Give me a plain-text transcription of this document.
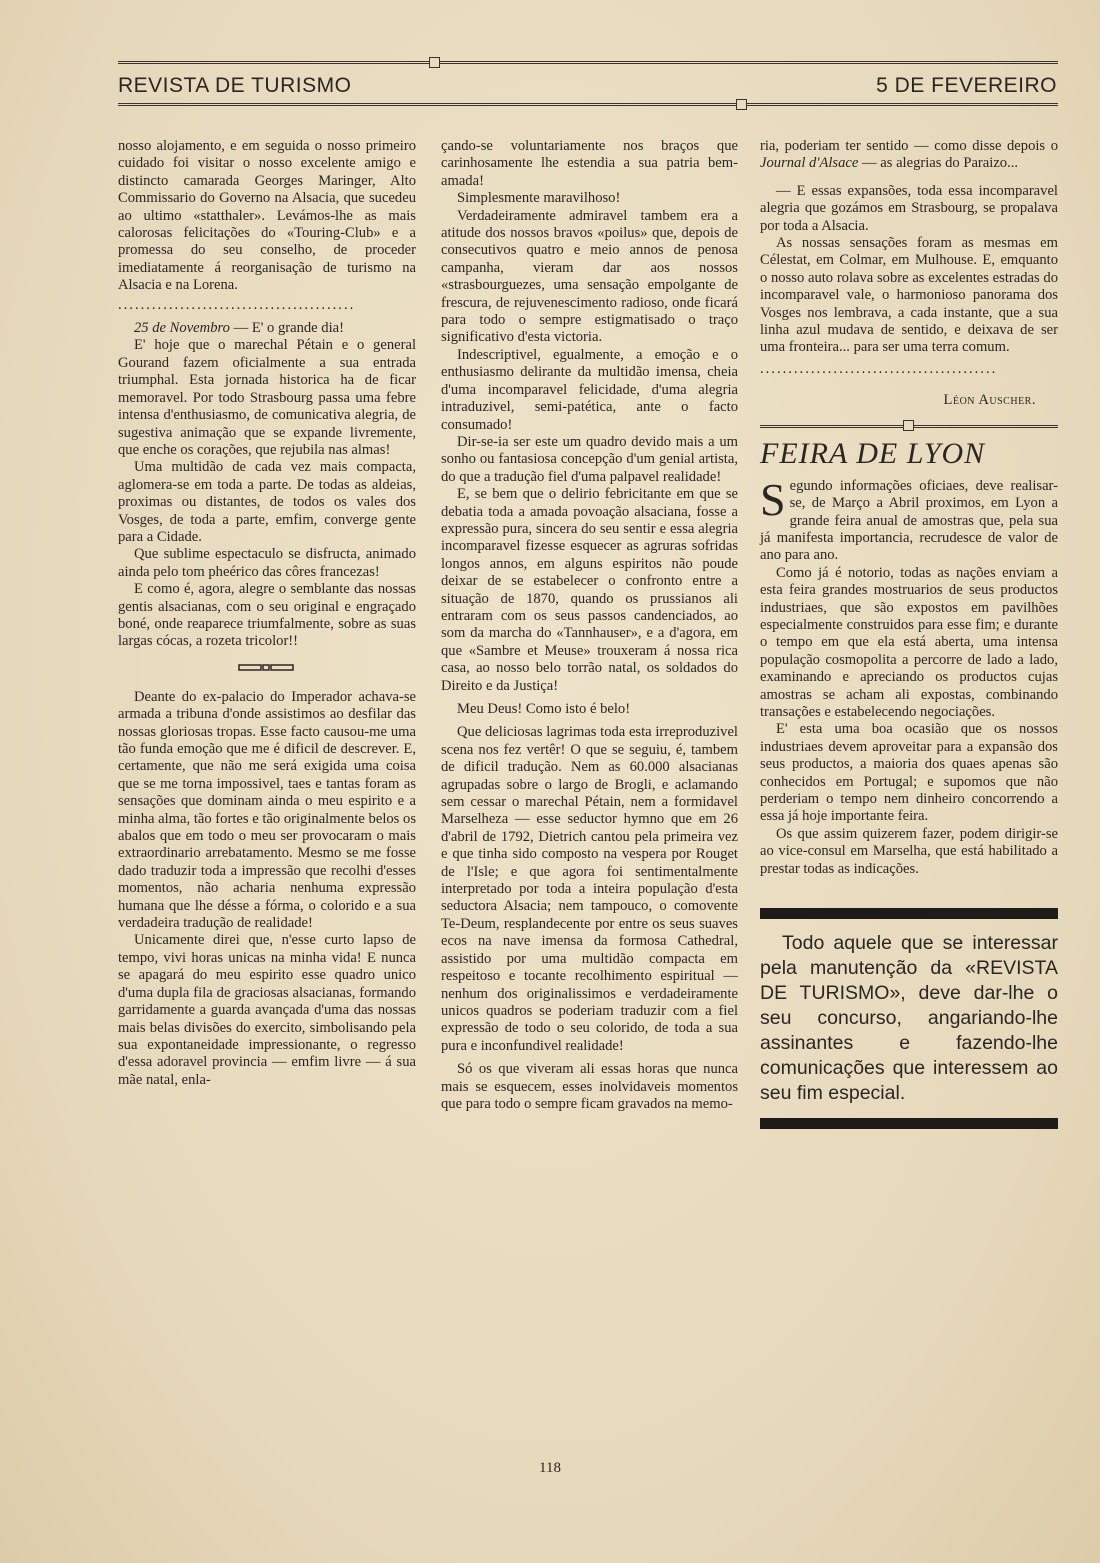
REVISTA DE TURISMO	5 DE FEVEREIRO

nosso alojamento, e em seguida o nosso primeiro cuidado foi visitar o nosso excelente amigo e distincto camarada Georges Maringer, Alto Commissario do Governo na Alsacia, que sucedeu ao ultimo «statthaler». Levámos-lhe as mais calorosas felicitações do «Touring-Club» e a promessa do seu conselho, de proceder imediatamente á reorganisação de turismo na Alsacia e na Lorena.

..........................................

25 de Novembro — E' o grande dia!

E' hoje que o marechal Pétain e o general Gourand fazem oficialmente a sua entrada triumphal. Esta jornada historica ha de ficar memoravel. Por todo Strasbourg passa uma febre intensa d'enthusiasmo, de comunicativa alegria, de sugestiva animação que se expande livremente, que enche os corações, que rejubila nas almas!

Uma multidão de cada vez mais compacta, aglomera-se em toda a parte. De todas as aldeias, proximas ou distantes, de todos os vales dos Vosges, de toda a parte, emfim, converge gente para a Cidade.

Que sublime espectaculo se disfructa, animado ainda pelo tom pheérico das côres francezas!

E como é, agora, alegre o semblante das nossas gentis alsacianas, com o seu original e engraçado boné, onde reaparece triumfalmente, sobre as suas largas cócas, a rozeta tricolor!!

Deante do ex-palacio do Imperador achava-se armada a tribuna d'onde assistimos ao desfilar das nossas gloriosas tropas. Esse facto causou-me uma tão funda emoção que me é dificil de descrever. E, certamente, que não me será exigida uma coisa que se me torna impossivel, taes e tantas foram as sensações que dominam ainda o meu espirito e a minha alma, tão fortes e tão originalmente belos os abalos que em todo o meu ser provocaram o mais extraordinario arrebatamento. Mesmo se me fosse dado traduzir toda a impressão que recolhi d'esses momentos, não acharia nenhuma expressão humana que lhe désse a fórma, o colorido e a sua verdadeira tradução de realidade!

Unicamente direi que, n'esse curto lapso de tempo, vivi horas unicas na minha vida! E nunca se apagará do meu espirito esse quadro unico d'uma dupla fila de graciosas alsacianas, formando garridamente a guarda avançada d'uma das nossas mais belas divisões do exercito, simbolisando pela sua expontaneidade impressionante, o regresso d'essa adoravel provincia — emfim livre — á sua mãe natal, enla-

çando-se voluntariamente nos braços que carinhosamente lhe estendia a sua patria bem-amada!

Simplesmente maravilhoso!

Verdadeiramente admiravel tambem era a atitude dos nossos bravos «poilus» que, depois de consecutivos quatro e meio annos de penosa campanha, vieram dar aos nossos «strasbourguezes, uma sensação empolgante de frescura, de rejuvenescimento radioso, onde ficará para todo o sempre estigmatisado o traço significativo d'esta victoria.

Indescriptivel, egualmente, a emoção e o enthusiasmo delirante da multidão imensa, cheia d'uma incomparavel felicidade, d'uma alegria intraduzivel, semi-patética, ante o facto consumado!

Dir-se-ia ser este um quadro devido mais a um sonho ou fantasiosa concepção d'um genial artista, do que a tradução fiel d'uma palpavel realidade!

E, se bem que o delirio febricitante em que se debatia toda a amada povoação alsaciana, fosse a expressão pura, sincera do seu sentir e essa alegria incomparavel fizesse esquecer as agruras sofridas longos annos, em alguns espiritos não poude deixar de se estabelecer o confronto entre a situação de 1870, quando os prussianos ali entraram com os seus passos candenciados, ao som da marcha do «Tannhauser», e a d'agora, em que «Sambre et Meuse» trouxeram á nossa rica casa, ao nosso belo torrão natal, os soldados do Direito e da Justiça!

Meu Deus! Como isto é belo!

Que deliciosas lagrimas toda esta irreproduzivel scena nos fez vertêr! O que se seguiu, é, tambem de dificil tradução. Nem as 60.000 alsacianas agrupadas sobre o largo de Brogli, e aclamando sem cessar o marechal Pétain, nem a formidavel Marselheza — esse seductor hymno que em 26 d'abril de 1792, Dietrich cantou pela primeira vez e que tinha sido composto na vespera por Rouget de l'Isle; e que agora foi sentimentalmente interpretado por toda a inteira população d'esta seductora Alsacia; nem tampouco, o comovente Te-Deum, resplandecente por entre os seus suaves ecos na nave imensa da formosa Cathedral, assistido por uma multidão compacta em respeitoso e tocante recolhimento espiritual — nenhum dos originalissimos e verdadeiramente unicos quadros se poderiam traduzir com a fiel expressão de todo o seu colorido, de toda a sua pura e inconfundivel realidade!

Só os que viveram ali essas horas que nunca mais se esquecem, esses inolvidaveis momentos que para todo o sempre ficam gravados na memo-

ria, poderiam ter sentido — como disse depois o Journal d'Alsace — as alegrias do Paraizo...

— E essas expansões, toda essa incomparavel alegria que gozámos em Strasbourg, se propalava por toda a Alsacia.

As nossas sensações foram as mesmas em Célestat, em Colmar, em Mulhouse. E, emquanto o nosso auto rolava sobre as excelentes estradas do incomparavel vale, o harmonioso panorama dos Vosges nos lembrava, a cada instante, que a sua linha azul mudava de sentido, e deixava de ser uma fronteira... para ser uma terra comum.

..........................................
Léon Auscher.
FEIRA DE LYON

Segundo informações oficiaes, deve realisar-se, de Março a Abril proximos, em Lyon a grande feira anual de amostras que, pela sua já manifesta importancia, recrudesce de valor de ano para ano.

Como já é notorio, todas as nações enviam a esta feira grandes mostruarios de seus productos industriaes, que são expostos em pavilhões especialmente construidos para esse fim; e durante o tempo em que ela está aberta, uma intensa população cosmopolita a percorre de lado a lado, examinando e apreciando os productos cujas amostras se acham ali expostas, combinando transações e estabelecendo negociações.

E' esta uma boa ocasião que os nossos industriaes devem aproveitar para a expansão dos seus productos, a maioria dos quaes apenas são conhecidos em Portugal; e supomos que não perderiam o tempo nem dinheiro concorrendo a essa já hoje importante feira.

Os que assim quizerem fazer, podem dirigir-se ao vice-consul em Marselha, que está habilitado a prestar todas as indicações.

Todo aquele que se interessar pela manutenção da «REVISTA DE TURISMO», deve dar-lhe o seu concurso, angariando-lhe assinantes e fazendo-lhe comunicações que interessem ao seu fim especial.

118
